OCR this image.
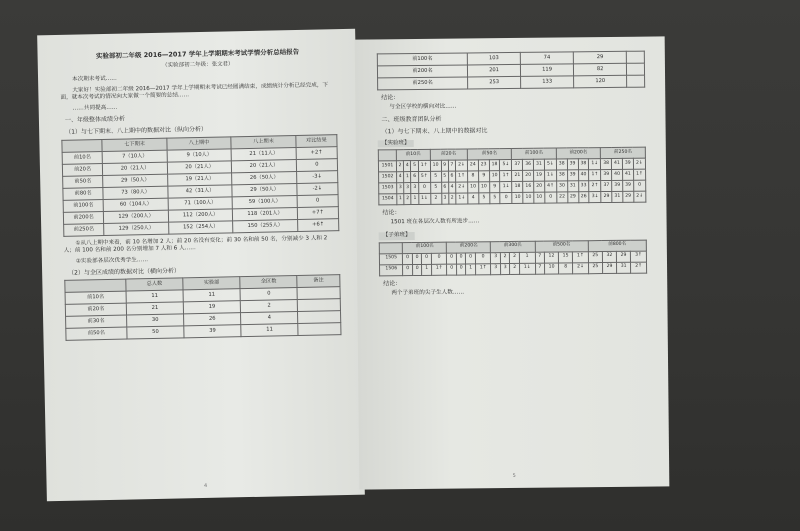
实验部初二年级 2016—2017 学年上学期期末考试学情分析总结报告
（实验部初二年级：张文君）

本次期末考试……

大家好！实验部初二年级 2016—2017 学年上学期期末考试已经圆满结束，成绩统计分析已经完成，下面，就本次考试的情况向大家做一个简要的总结……

……共同提高……

一、年级整体成绩分析
（1）与七下期末、八上期中的数据对比（纵向分析）
	七下期末	八上期中	八上期末	对比结果
前10名	7（10人）	9（10人）	21（11人）	+2↑
前20名	20（21人）	20（21人）	20（21人）	0
前50名	29（50人）	19（21人）	26（50人）	-3↓
前80名	73（80人）	42（31人）	29（50人）	-2↓
前100名	60（104人）	71（100人）	59（100人）	0
前200名	129（200人）	112（200人）	118（201人）	+7↑
前250名	129（250人）	152（254人）	150（255人）	+6↑

①从八上期中来看，前 10 名增加 2 人；前 20 名没有变化；前 30 名和前 50 名，分别减少 3 人和 2 人；前 100 名和前 200 名分别增加 7 人和 6 人……

②实验部各层次优秀学生……

（2）与全区成绩的数据对比（横向分析）
	总人数	实验部	全区数	备注
前10名	11	11	0	
前20名	21	19	2	
前30名	30	26	4	
前50名	50	39	11	
4
前100名	103	74	29	
前200名	201	119	82	
前250名	253	133	120	
结论：

与全区学校的横向对比……

二、班级教育团队分析
（1）与七下期末、八上期中的数据对比
【实验班】
	前10名				前20名				前50名				前100名				前200名				前250名			
1501	2	4	5	1↑	10	9	7	2↓	24	23	18	5↓	37	36	31	5↓	38	39	38	1↓	38	41	39	2↓
1502	4	1	6	5↑	5	5	6	1↑	8	9	10	1↑	21	20	19	1↓	38	39	40	1↑	39	40	41	1↑
1503	3	3	3	0	5	6	4	2↓	10	10	9	1↓	18	16	20	4↑	30	31	33	2↑	37	39	39	0
1504	1	2	1	1↓	2	3	2	1↓	4	5	5	0	10	10	10	0	22	29	26	3↓	29	31	29	2↓
结论：

1501 班在各层次人数有所进步……

【子弟班】
	前100名				前200名				前300名				前500名				前800名			
1505	0	0	0	0	0	0	0	0	3	2	2	1	7	12	15	1↑	25	32	29	3↑
1506	0	0	1	1↑	0	0	1	1↑	3	3	2	1↓	7	10	8	2↓	25	29	31	2↑
结论：

两个子弟班的尖子生人数……

5
